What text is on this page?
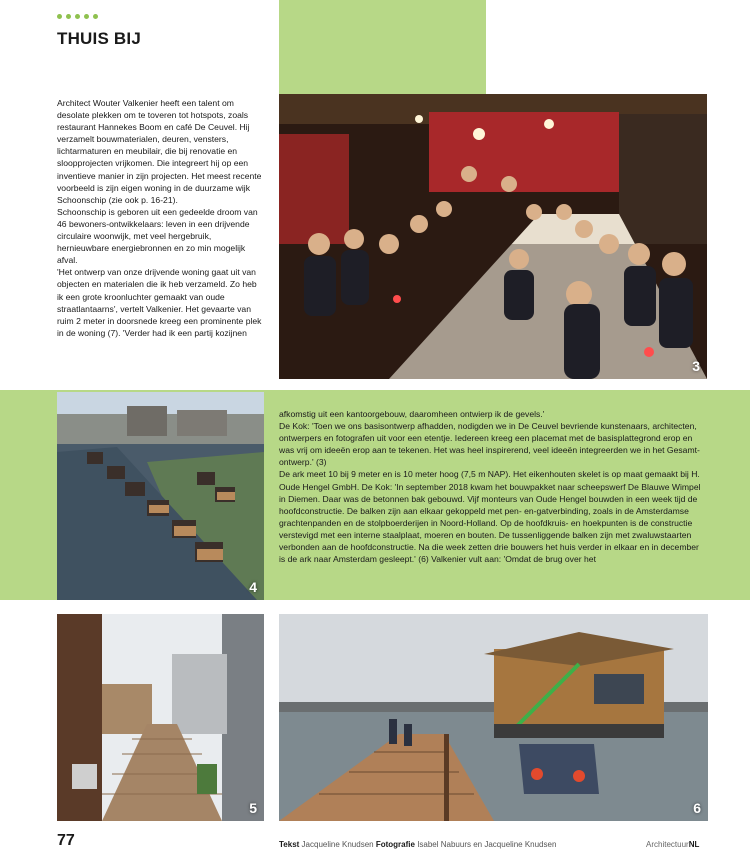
THUIS BIJ

Architect Wouter Valkenier heeft een talent om desolate plekken om te toveren tot hotspots, zoals restaurant Hannekes Boom en café De Ceuvel. Hij verzamelt bouwmaterialen, deuren, vensters, lichtarmaturen en meubilair, die bij renovatie en sloopprojecten vrijkomen. Die integreert hij op een inventieve manier in zijn projecten. Het meest recente voorbeeld is zijn eigen woning in de duurzame wijk Schoonschip (zie ook p. 16-21).

Schoonschip is geboren uit een gedeelde droom van 46 bewoners-ontwikkelaars: leven in een drijvende circulaire woonwijk, met veel hergebruik, hernieuwbare energiebronnen en zo min mogelijk afval.

'Het ontwerp van onze drijvende woning gaat uit van objecten en materialen die ik heb verzameld. Zo heb ik een grote kroonluchter gemaakt van oude straatlantaarns', vertelt Valkenier. Het gevaarte van ruim 2 meter in doorsnede kreeg een prominente plek in de woning (7). 'Verder had ik een partij kozijnen

3
4

afkomstig uit een kantoorgebouw, daaromheen ontwierp ik de gevels.'

De Kok: 'Toen we ons basisontwerp afhadden, nodigden we in De Ceuvel bevriende kunstenaars, architecten, ontwerpers en fotografen uit voor een etentje. Iedereen kreeg een placemat met de basisplattegrond erop en was vrij om ideeën erop aan te tekenen. Het was heel inspirerend, veel ideeën integreerden we in het Gesamt-ontwerp.' (3)

De ark meet 10 bij 9 meter en is 10 meter hoog (7,5 m NAP). Het eikenhouten skelet is op maat gemaakt bij H. Oude Hengel GmbH. De Kok: 'In september 2018 kwam het bouwpakket naar scheepswerf De Blauwe Wimpel in Diemen. Daar was de betonnen bak gebouwd. Vijf monteurs van Oude Hengel bouwden in een week tijd de hoofdconstructie. De balken zijn aan elkaar gekoppeld met pen- en-gatverbinding, zoals in de Amsterdamse grachtenpanden en de stolpboerderijen in Noord-Holland. Op de hoofdkruis- en hoekpunten is de constructie verstevigd met een interne staalplaat, moeren en bouten. De tussenliggende balken zijn met zwaluwstaarten verbonden aan de hoofdconstructie. Na die week zetten drie bouwers het huis verder in elkaar en in december is de ark naar Amsterdam gesleept.' (6) Valkenier vult aan: 'Omdat de brug over het

5	6
77	Tekst Jacqueline Knudsen Fotografie Isabel Nabuurs en Jacqueline Knudsen	ArchitectuurNL
